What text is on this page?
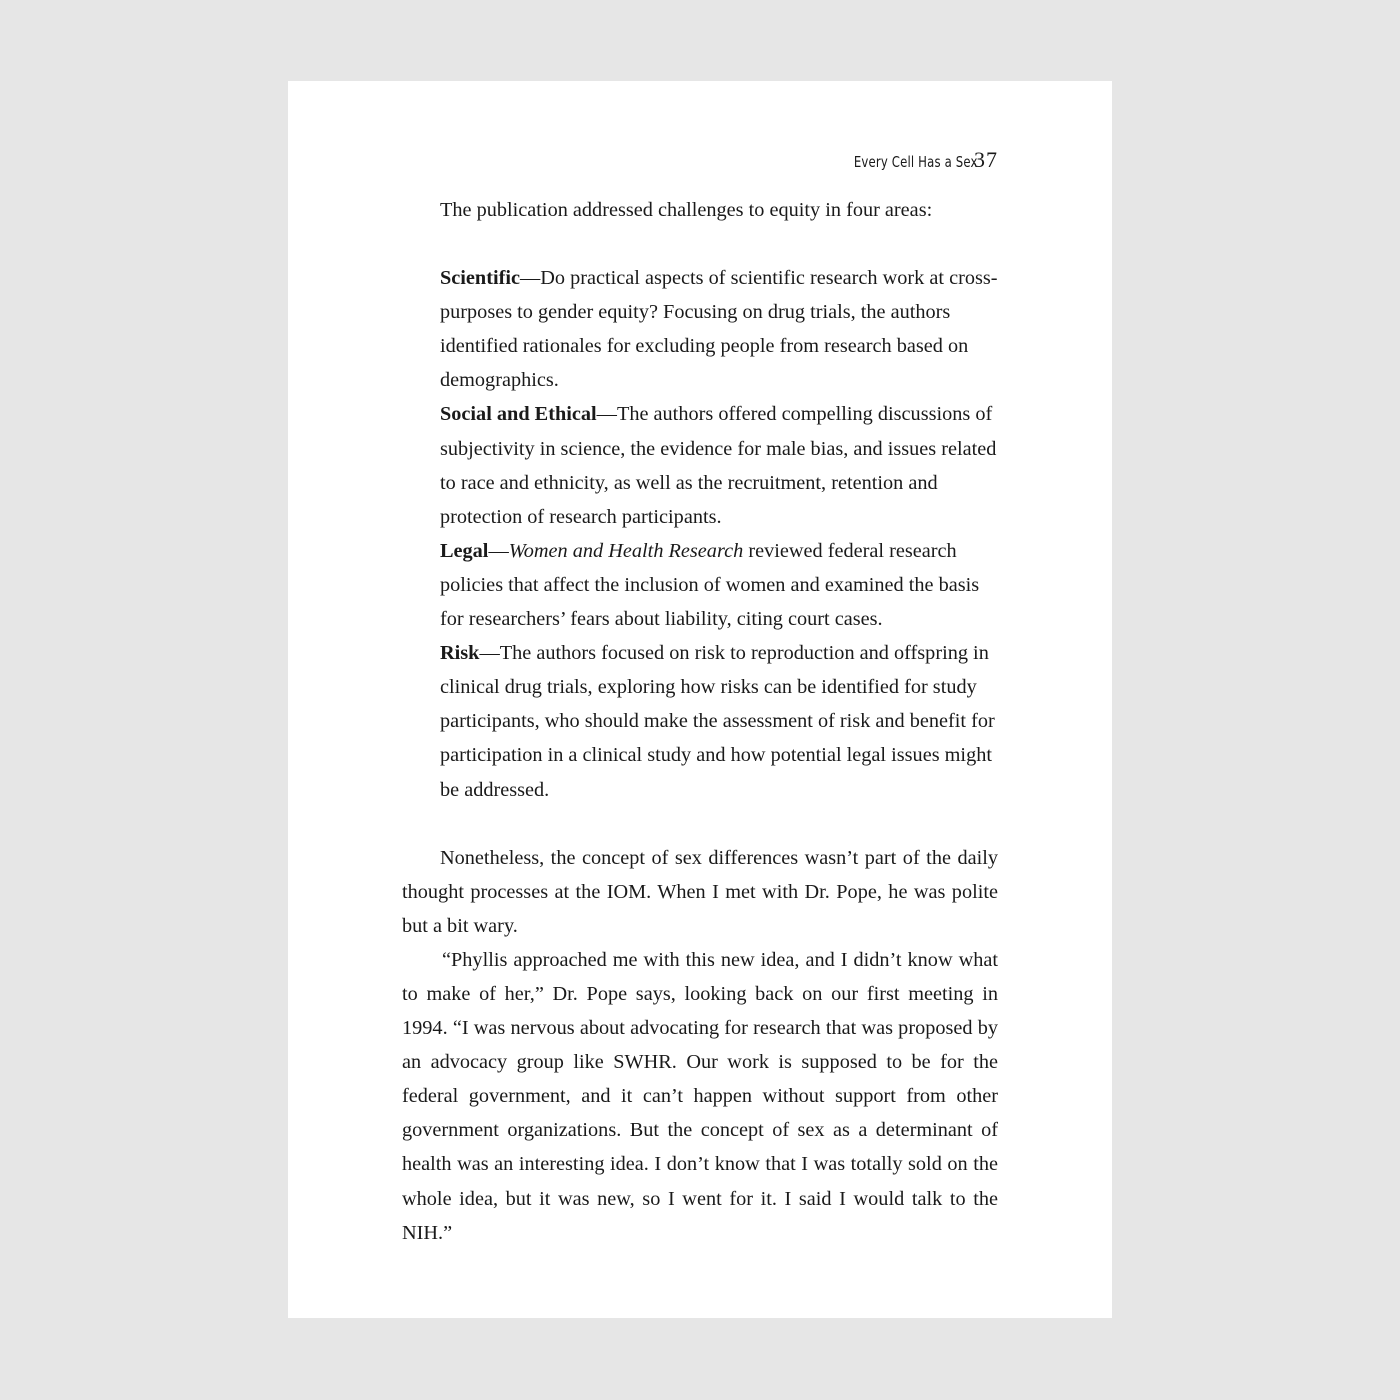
Every Cell Has a Sex
37

The publication addressed challenges to equity in four areas:

Scientific—Do practical aspects of scientific research work at cross-purposes to gender equity? Focusing on drug trials, the authors identified rationales for excluding people from research based on demographics.
Social and Ethical—The authors offered compelling discussions of subjectivity in science, the evidence for male bias, and issues related to race and ethnicity, as well as the recruitment, retention and protection of research participants.
Legal—Women and Health Research reviewed federal research policies that affect the inclusion of women and examined the basis for researchers’ fears about liability, citing court cases.
Risk—The authors focused on risk to reproduction and offspring in clinical drug trials, exploring how risks can be identified for study participants, who should make the assessment of risk and benefit for participation in a clinical study and how potential legal issues might be addressed.

Nonetheless, the concept of sex differences wasn’t part of the daily thought processes at the IOM. When I met with Dr. Pope, he was polite but a bit wary.

“Phyllis approached me with this new idea, and I didn’t know what to make of her,” Dr. Pope says, looking back on our first meeting in 1994. “I was nervous about advocating for research that was proposed by an advocacy group like SWHR. Our work is supposed to be for the federal government, and it can’t happen without support from other government organizations. But the concept of sex as a determinant of health was an interesting idea. I don’t know that I was totally sold on the whole idea, but it was new, so I went for it. I said I would talk to the NIH.”
